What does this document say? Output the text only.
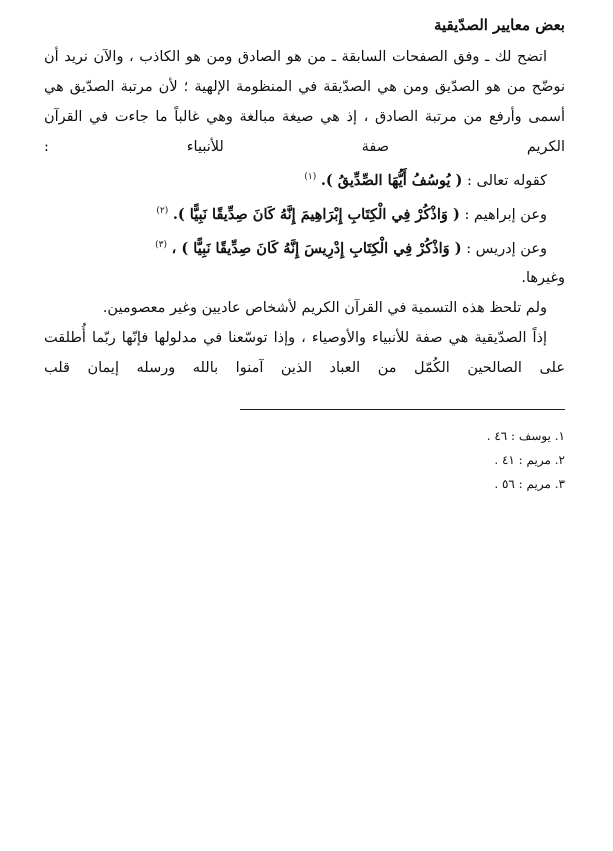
بعض معايير الصدّيقية

اتضح لك ـ وفق الصفحات السابقة ـ من هو الصادق ومن هو الكاذب ، والآن نريد أن نوضّح من هو الصدّيق ومن هي الصدّيقة في المنظومة الإلهية ؛ لأن مرتبة الصدّيق هي أسمى وأرفع من مرتبة الصادق ، إذ هي صيغة مبالغة وهي غالباً ما جاءت في القرآن الكريم صفة للأنبياء :

كقوله تعالى : ( يُوسُفُ أَيُّهَا الصِّدِّيقُ ). $^{(١)}$

وعن إبراهيم : ( وَاذْكُرْ فِي الْكِتَابِ إِبْرَاهِيمَ إِنَّهُ كَانَ صِدِّيقًا نَبِيًّا ). $^{(٢)}$

وعن إدريس : ( وَاذْكُرْ فِي الْكِتَابِ إِدْرِيسَ إِنَّهُ كَانَ صِدِّيقًا نَبِيًّا ) ، $^{(٣)}$

وغيرها.

ولم تلحظ هذه التسمية في القرآن الكريم لأشخاص عاديين وغير معصومين.

إذاً الصدّيقية هي صفة للأنبياء والأوصياء ، وإذا توسّعنا في مدلولها فإنّها ربّما أُطلقت على الصالحين الكُمّل من العباد الذين آمنوا بالله ورسله إيمان قلب

١. يوسف : ٤٦ .

٢. مريم : ٤١ .

٣. مريم : ٥٦ .
